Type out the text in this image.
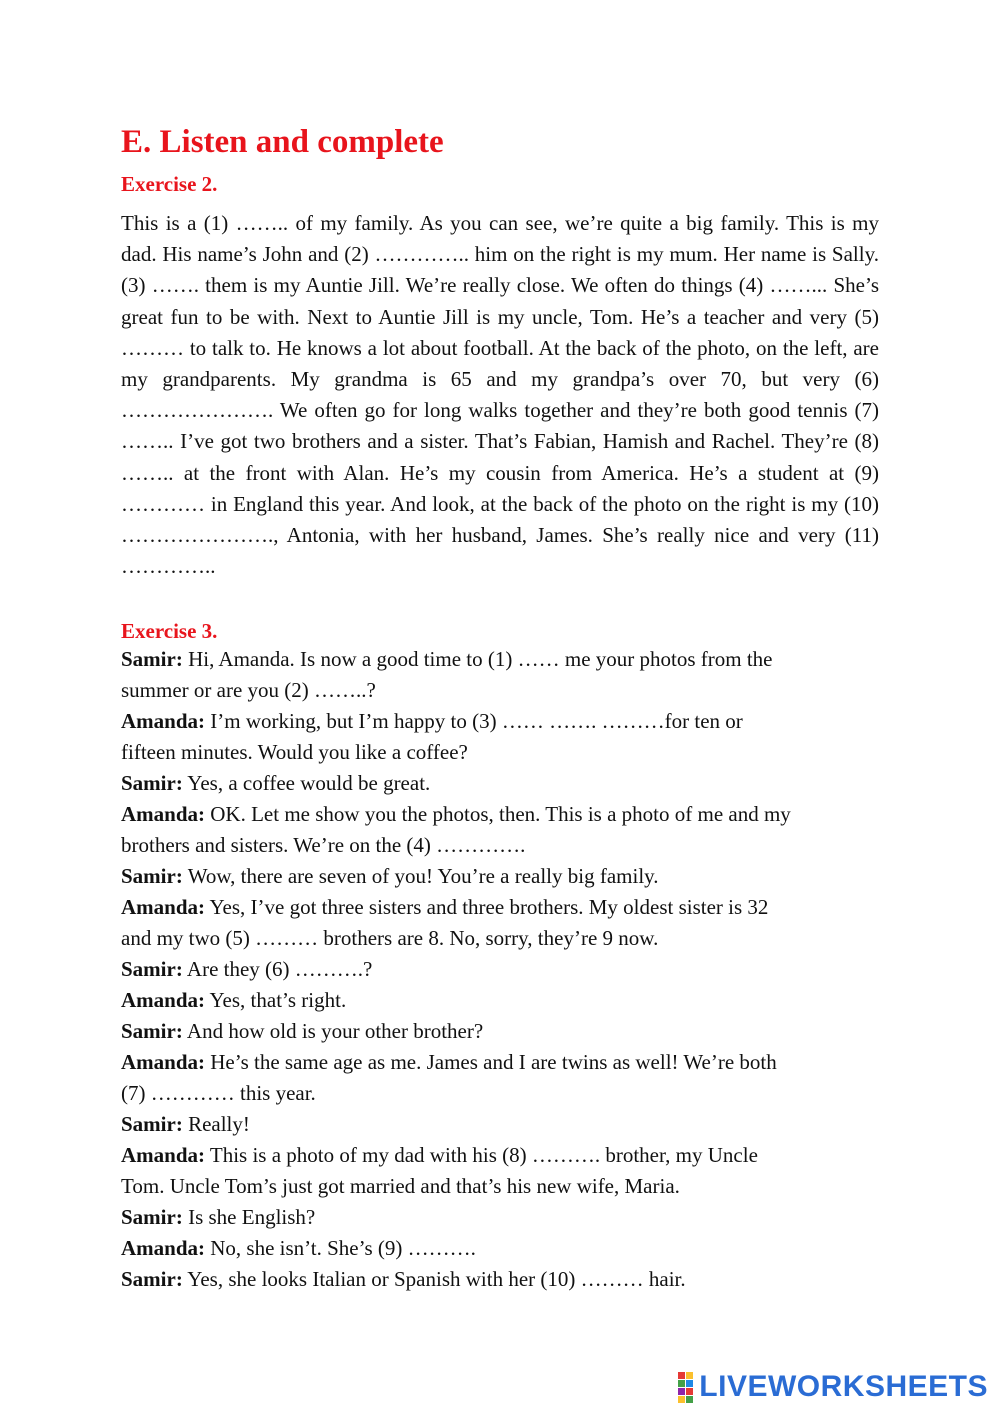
E. Listen and complete
Exercise 2.

This is a (1) …….. of my family. As you can see, we’re quite a big family. This is my dad. His name’s John and (2) ………….. him on the right is my mum. Her name is Sally. (3) ……. them is my Auntie Jill. We’re really close. We often do things (4) ……... She’s great fun to be with. Next to Auntie Jill is my uncle, Tom. He’s a teacher and very (5) ……… to talk to. He knows a lot about football. At the back of the photo, on the left, are my grandparents. My grandma is 65 and my grandpa’s over 70, but very (6) …………………. We often go for long walks together and they’re both good tennis (7) …….. I’ve got two brothers and a sister. That’s Fabian, Hamish and Rachel. They’re (8) …….. at the front with Alan. He’s my cousin from America. He’s a student at (9) ………… in England this year. And look, at the back of the photo on the right is my (10) …………………., Antonia, with her husband, James. She’s really nice and very (11) …………..

Exercise 3.

Samir: Hi, Amanda. Is now a good time to (1) …… me your photos from the
summer or are you (2) ……..?

Amanda: I’m working, but I’m happy to (3) …… ……. ………for ten or
fifteen minutes. Would you like a coffee?

Samir: Yes, a coffee would be great.

Amanda: OK. Let me show you the photos, then. This is a photo of me and my
brothers and sisters. We’re on the (4) ………….

Samir: Wow, there are seven of you! You’re a really big family.

Amanda: Yes, I’ve got three sisters and three brothers. My oldest sister is 32
and my two (5) ……… brothers are 8. No, sorry, they’re 9 now.

Samir: Are they (6) ……….?

Amanda: Yes, that’s right.

Samir: And how old is your other brother?

Amanda: He’s the same age as me. James and I are twins as well! We’re both
(7) ………… this year.

Samir: Really!

Amanda: This is a photo of my dad with his (8) ………. brother, my Uncle
Tom. Uncle Tom’s just got married and that’s his new wife, Maria.

Samir: Is she English?

Amanda: No, she isn’t. She’s (9) ……….

Samir: Yes, she looks Italian or Spanish with her (10) ……… hair.

LIVEWORKSHEETS
